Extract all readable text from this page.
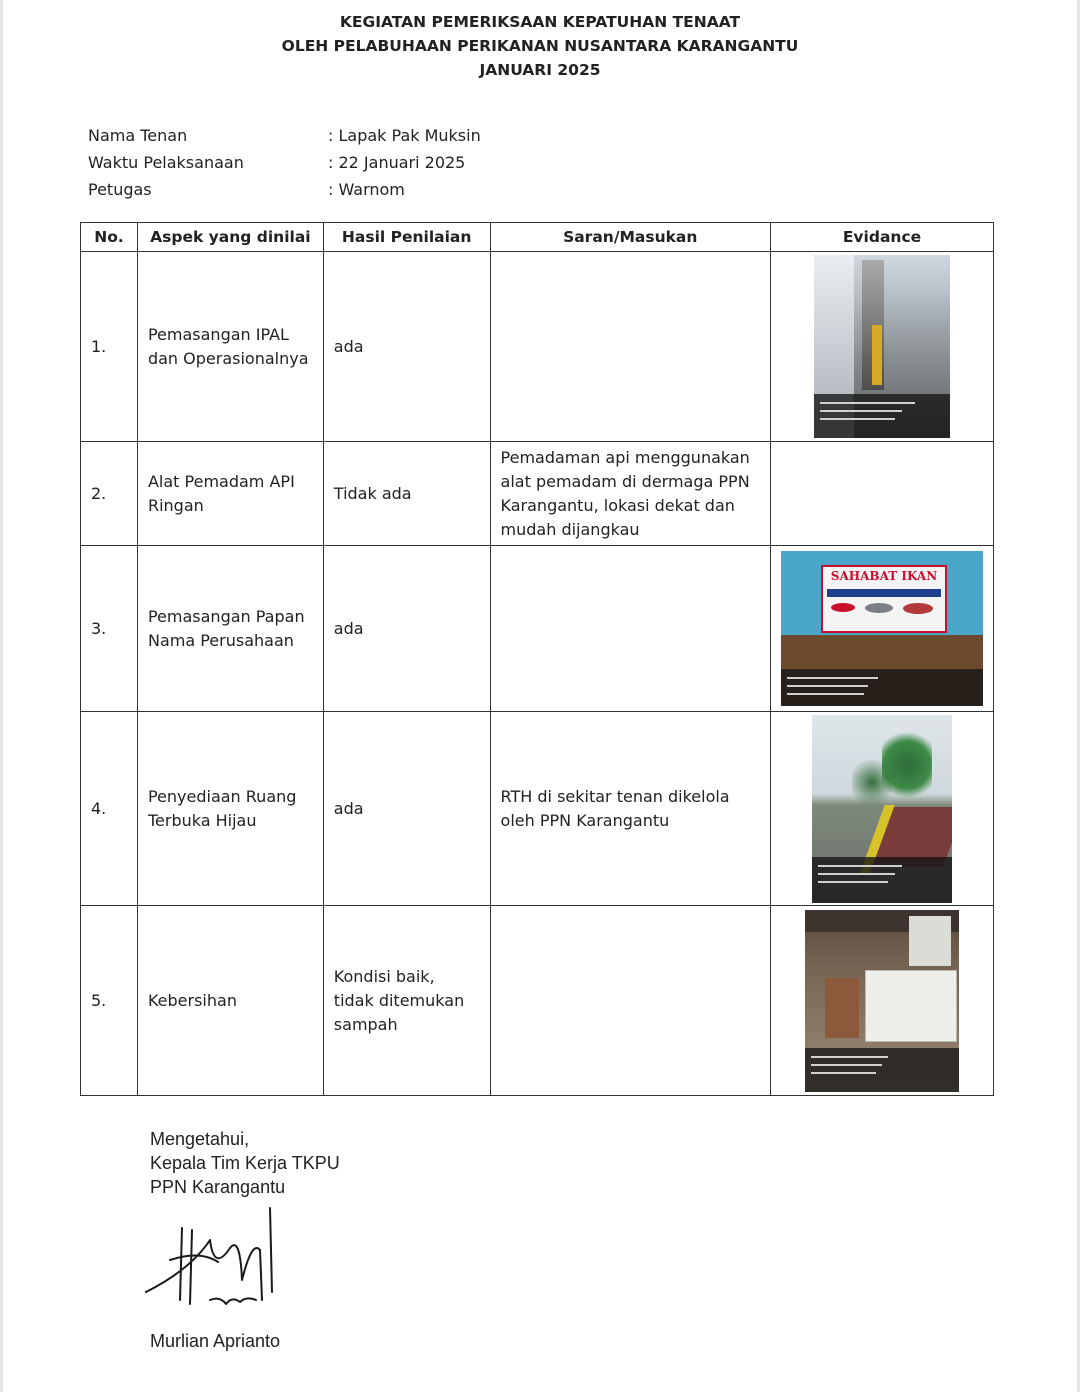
KEGIATAN PEMERIKSAAN KEPATUHAN TENAAT
OLEH PELABUHAAN PERIKANAN NUSANTARA KARANGANTU
JANUARI 2025
Nama Tenan	: Lapak Pak Muksin
Waktu Pelaksanaan	: 22 Januari 2025
Petugas	: Warnom
No.	Aspek yang dinilai	Hasil Penilaian	Saran/Masukan	Evidance
1.	Pemasangan IPAL dan Operasionalnya	ada		

2.	Alat Pemadam API Ringan	Tidak ada	Pemadaman api menggunakan alat pemadam di dermaga PPN Karangantu, lokasi dekat dan mudah dijangkau	
3.	Pemasangan Papan Nama Perusahaan	ada		SAHABAT IKAN

4.	Penyediaan Ruang Terbuka Hijau	ada	RTH di sekitar tenan dikelola oleh PPN Karangantu	

5.	Kebersihan	Kondisi baik, tidak ditemukan sampah		
Mengetahui,
Kepala Tim Kerja TKPU
PPN Karangantu
Murlian Aprianto
